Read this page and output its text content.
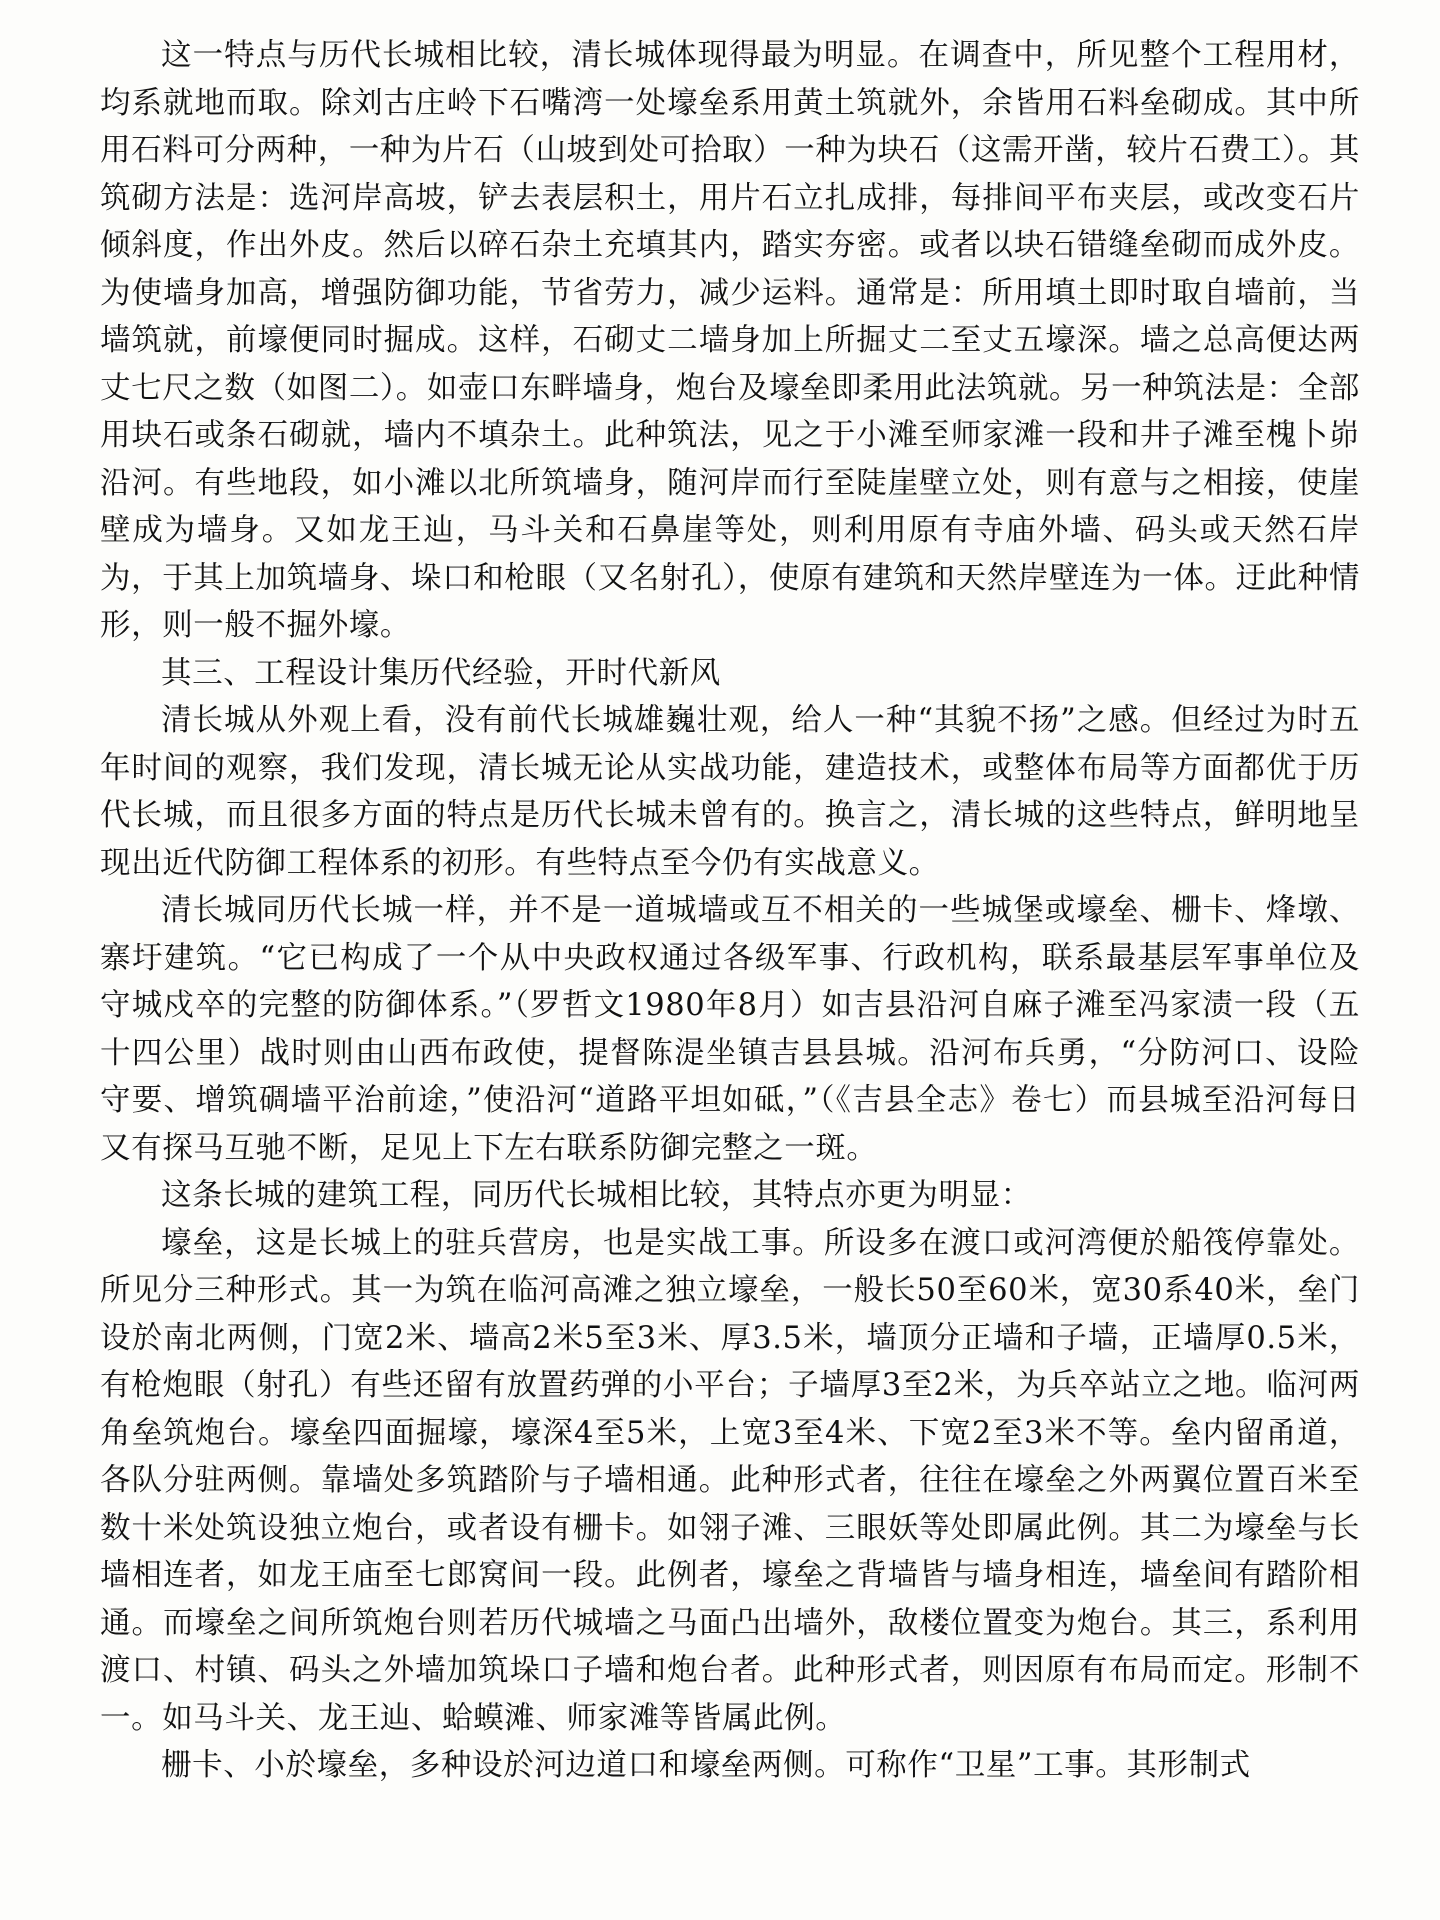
这一特点与历代长城相比较，清长城体现得最为明显。在调查中，所见整个工程用材，均系就地而取。除刘古庄岭下石嘴湾一处壕垒系用黄土筑就外，余皆用石料垒砌成。其中所用石料可分两种，一种为片石（山坡到处可拾取）一种为块石（这需开凿，较片石费工）。其筑砌方法是：选河岸高坡，铲去表层积土，用片石立扎成排，每排间平布夹层，或改变石片倾斜度，作出外皮。然后以碎石杂土充填其内，踏实夯密。或者以块石错缝垒砌而成外皮。为使墙身加高，增强防御功能，节省劳力，减少运料。通常是：所用填土即时取自墙前，当墙筑就，前壕便同时掘成。这样，石砌丈二墙身加上所掘丈二至丈五壕深。墙之总高便达两丈七尺之数（如图二）。如壶口东畔墙身，炮台及壕垒即柔用此法筑就。另一种筑法是：全部用块石或条石砌就，墙内不填杂土。此种筑法，见之于小滩至师家滩一段和井子滩至槐卜峁沿河。有些地段，如小滩以北所筑墙身，随河岸而行至陡崖壁立处，则有意与之相接，使崖壁成为墙身。又如龙王辿，马斗关和石鼻崖等处，则利用原有寺庙外墙、码头或天然石岸为，于其上加筑墙身、垛口和枪眼（又名射孔），使原有建筑和天然岸壁连为一体。迂此种情形，则一般不掘外壕。

其三、工程设计集历代经验，开时代新风

清长城从外观上看，没有前代长城雄巍壮观，给人一种“其貌不扬”之感。但经过为时五年时间的观察，我们发现，清长城无论从实战功能，建造技术，或整体布局等方面都优于历代长城，而且很多方面的特点是历代长城未曾有的。换言之，清长城的这些特点，鲜明地呈现出近代防御工程体系的初形。有些特点至今仍有实战意义。

清长城同历代长城一样，并不是一道城墙或互不相关的一些城堡或壕垒、栅卡、烽墩、寨圩建筑。“它已构成了一个从中央政权通过各级军事、行政机构，联系最基层军事单位及守城戍卒的完整的防御体系。”（罗哲文1980年8月）如吉县沿河自麻子滩至冯家渍一段（五十四公里）战时则由山西布政使，提督陈湜坐镇吉县县城。沿河布兵勇，“分防河口、设险守要、增筑碉墙平治前途，”使沿河“道路平坦如砥，”（《吉县全志》卷七）而县城至沿河每日又有探马互驰不断，足见上下左右联系防御完整之一斑。

这条长城的建筑工程，同历代长城相比较，其特点亦更为明显：

壕垒，这是长城上的驻兵营房，也是实战工事。所设多在渡口或河湾便於船筏停靠处。所见分三种形式。其一为筑在临河高滩之独立壕垒，一般长50至60米，宽30系40米，垒门设於南北两侧，门宽2米、墙高2米5至3米、厚3.5米，墙顶分正墙和子墙，正墙厚0.5米，有枪炮眼（射孔）有些还留有放置药弹的小平台；子墙厚3至2米，为兵卒站立之地。临河两角垒筑炮台。壕垒四面掘壕，壕深4至5米，上宽3至4米、下宽2至3米不等。垒内留甬道，各队分驻两侧。靠墙处多筑踏阶与子墙相通。此种形式者，往往在壕垒之外两翼位置百米至数十米处筑设独立炮台，或者设有栅卡。如翎子滩、三眼妖等处即属此例。其二为壕垒与长墙相连者，如龙王庙至七郎窝间一段。此例者，壕垒之背墙皆与墙身相连，墙垒间有踏阶相通。而壕垒之间所筑炮台则若历代城墙之马面凸出墙外，敌楼位置变为炮台。其三，系利用渡口、村镇、码头之外墙加筑垛口子墙和炮台者。此种形式者，则因原有布局而定。形制不一。如马斗关、龙王辿、蛤蟆滩、师家滩等皆属此例。

栅卡、小於壕垒，多种设於河边道口和壕垒两侧。可称作“卫星”工事。其形制式
